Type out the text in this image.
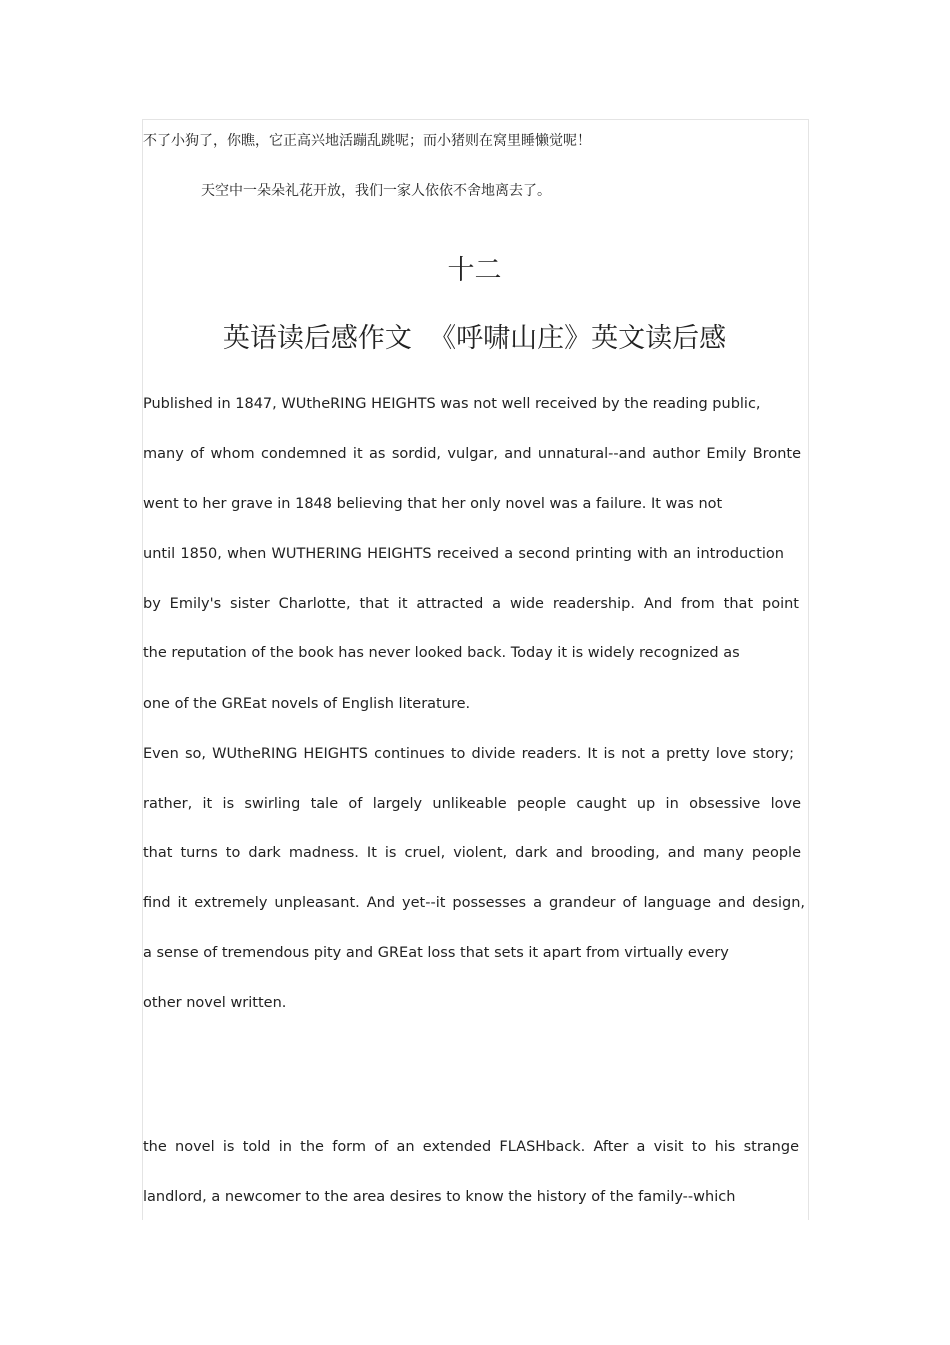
不了小狗了，你瞧，它正高兴地活蹦乱跳呢；而小猪则在窝里睡懒觉呢！
天空中一朵朵礼花开放，我们一家人依依不舍地离去了。
十二
英语读后感作文  《呼啸山庄》英文读后感
Published in 1847, WUtheRING HEIGHTS was not well received by the reading public,
many of whom condemned it as sordid, vulgar, and unnatural--and author Emily Bronte
went to her grave in 1848 believing that her only novel was a failure. It was not
until 1850, when WUTHERING HEIGHTS received a second printing with an introduction
by Emily's sister Charlotte, that it attracted a wide readership. And from that point
the reputation of the book has never looked back. Today it is widely recognized as
one of the GREat novels of English literature.
Even so, WUtheRING HEIGHTS continues to divide readers. It is not a pretty love story;
rather, it is swirling tale of largely unlikeable people caught up in obsessive love
that turns to dark madness. It is cruel, violent, dark and brooding, and many people
find it extremely unpleasant. And yet--it possesses a grandeur of language and design,
a sense of tremendous pity and GREat loss that sets it apart from virtually every
other novel written.
the novel is told in the form of an extended FLASHback. After a visit to his strange
landlord, a newcomer to the area desires to know the history of the family--which
